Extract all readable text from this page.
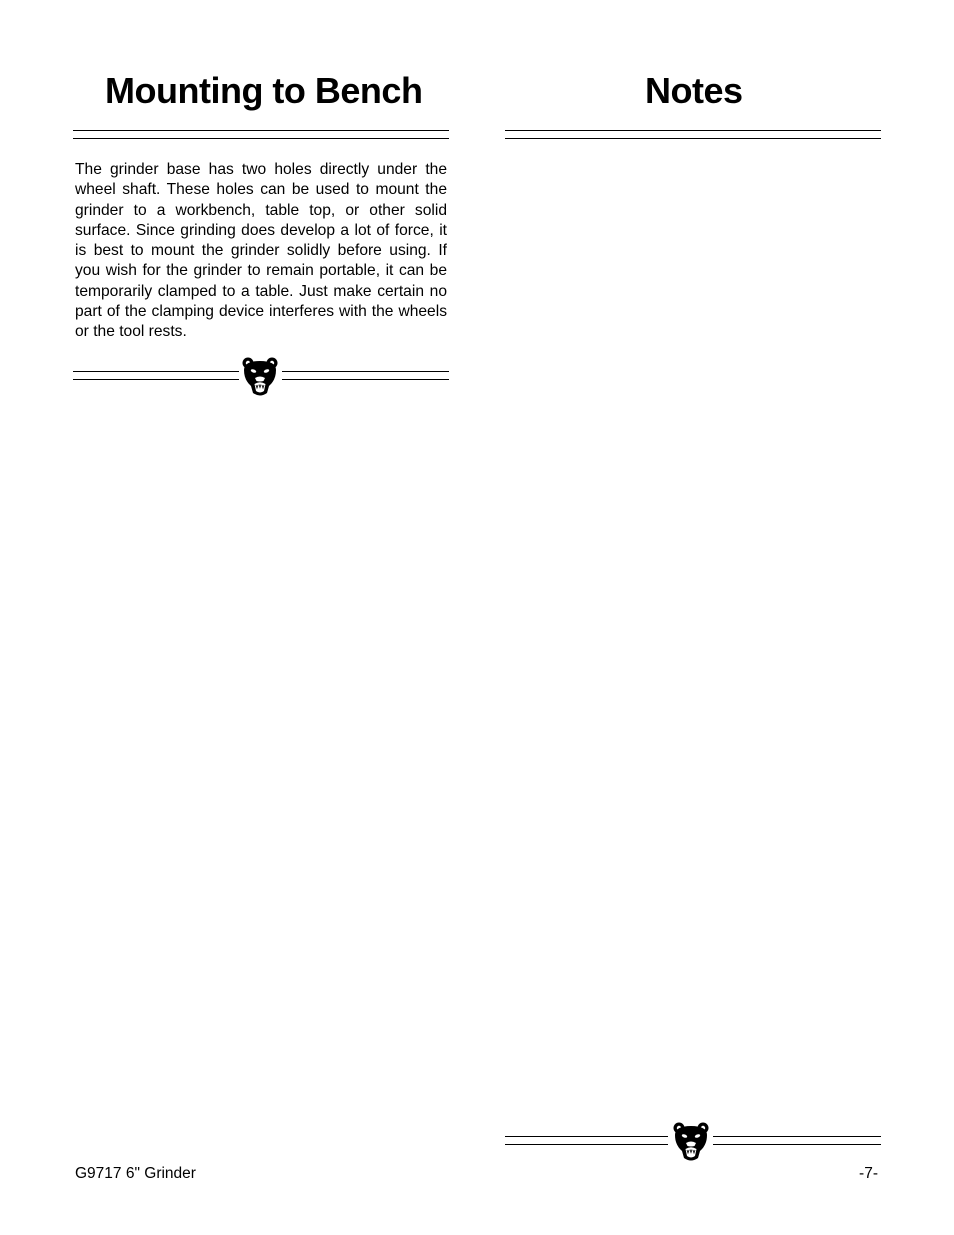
Mounting to Bench

The grinder base has two holes directly under the wheel shaft. These holes can be used to mount the grinder to a workbench, table top, or other solid surface. Since grinding does develop a lot of force, it is best to mount the grinder solidly before using. If you wish for the grinder to remain portable, it can be temporarily clamped to a table. Just make certain no part of the clamping device interferes with the wheels or the tool rests.

Notes
G9717 6" Grinder	-7-
